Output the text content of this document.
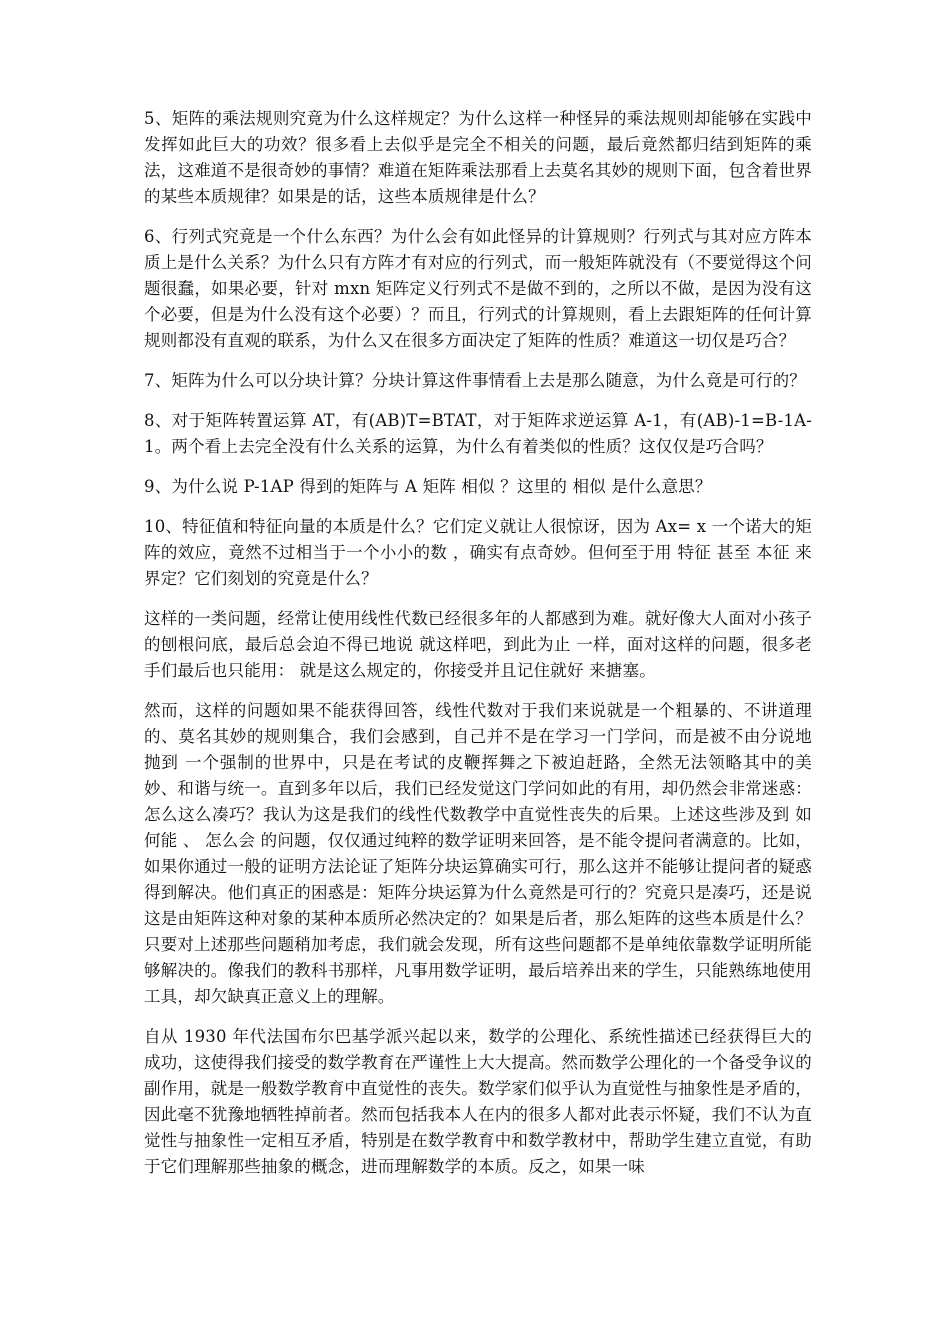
5、矩阵的乘法规则究竟为什么这样规定？为什么这样一种怪异的乘法规则却能够在实践中发挥如此巨大的功效？很多看上去似乎是完全不相关的问题，最后竟然都归结到矩阵的乘法，这难道不是很奇妙的事情？难道在矩阵乘法那看上去莫名其妙的规则下面，包含着世界的某些本质规律？如果是的话，这些本质规律是什么？

6、行列式究竟是一个什么东西？为什么会有如此怪异的计算规则？行列式与其对应方阵本质上是什么关系？为什么只有方阵才有对应的行列式，而一般矩阵就没有（不要觉得这个问题很蠢，如果必要，针对 mxn 矩阵定义行列式不是做不到的，之所以不做，是因为没有这个必要，但是为什么没有这个必要）？而且，行列式的计算规则，看上去跟矩阵的任何计算规则都没有直观的联系，为什么又在很多方面决定了矩阵的性质？难道这一切仅是巧合？

7、矩阵为什么可以分块计算？分块计算这件事情看上去是那么随意，为什么竟是可行的？

8、对于矩阵转置运算 AT，有(AB)T=BTAT，对于矩阵求逆运算 A-1，有(AB)-1=B-1A-1。两个看上去完全没有什么关系的运算，为什么有着类似的性质？这仅仅是巧合吗？

9、为什么说 P-1AP 得到的矩阵与 A 矩阵 相似 ？这里的 相似 是什么意思？

10、特征值和特征向量的本质是什么？它们定义就让人很惊讶，因为 Ax= x 一个诺大的矩阵的效应，竟然不过相当于一个小小的数 ，确实有点奇妙。但何至于用 特征 甚至 本征 来界定？它们刻划的究竟是什么？

这样的一类问题，经常让使用线性代数已经很多年的人都感到为难。就好像大人面对小孩子的刨根问底，最后总会迫不得已地说 就这样吧，到此为止 一样，面对这样的问题，很多老手们最后也只能用： 就是这么规定的，你接受并且记住就好 来搪塞。

然而，这样的问题如果不能获得回答，线性代数对于我们来说就是一个粗暴的、不讲道理的、莫名其妙的规则集合，我们会感到，自己并不是在学习一门学问，而是被不由分说地 抛到 一个强制的世界中，只是在考试的皮鞭挥舞之下被迫赶路，全然无法领略其中的美妙、和谐与统一。直到多年以后，我们已经发觉这门学问如此的有用，却仍然会非常迷惑：怎么这么凑巧？我认为这是我们的线性代数教学中直觉性丧失的后果。上述这些涉及到 如何能 、 怎么会 的问题，仅仅通过纯粹的数学证明来回答，是不能令提问者满意的。比如，如果你通过一般的证明方法论证了矩阵分块运算确实可行，那么这并不能够让提问者的疑惑得到解决。他们真正的困惑是：矩阵分块运算为什么竟然是可行的？究竟只是凑巧，还是说这是由矩阵这种对象的某种本质所必然决定的？如果是后者，那么矩阵的这些本质是什么？只要对上述那些问题稍加考虑，我们就会发现，所有这些问题都不是单纯依靠数学证明所能够解决的。像我们的教科书那样，凡事用数学证明，最后培养出来的学生，只能熟练地使用工具，却欠缺真正意义上的理解。

自从 1930 年代法国布尔巴基学派兴起以来，数学的公理化、系统性描述已经获得巨大的成功，这使得我们接受的数学教育在严谨性上大大提高。然而数学公理化的一个备受争议的副作用，就是一般数学教育中直觉性的丧失。数学家们似乎认为直觉性与抽象性是矛盾的，因此毫不犹豫地牺牲掉前者。然而包括我本人在内的很多人都对此表示怀疑，我们不认为直觉性与抽象性一定相互矛盾，特别是在数学教育中和数学教材中，帮助学生建立直觉，有助于它们理解那些抽象的概念，进而理解数学的本质。反之，如果一味
